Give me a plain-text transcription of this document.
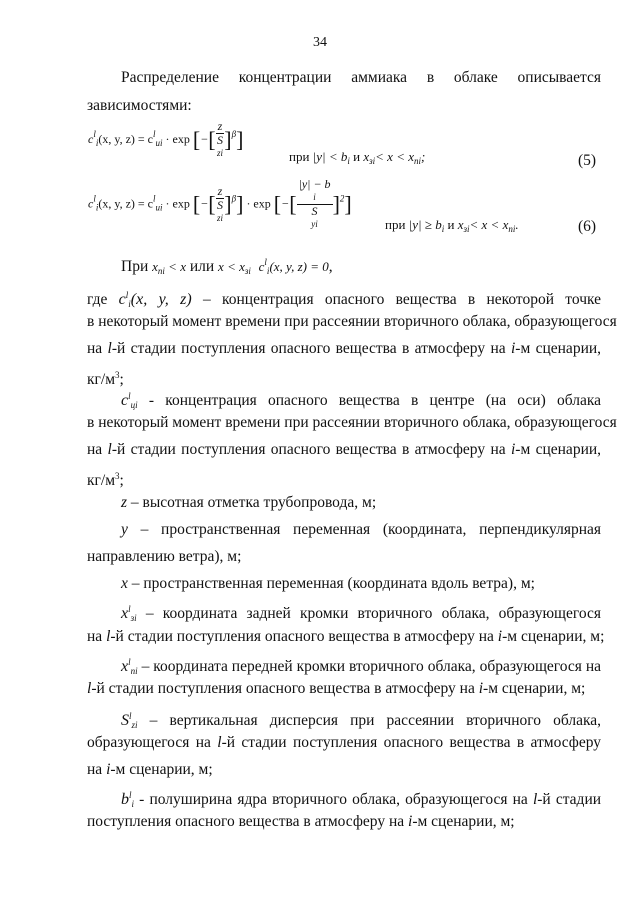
34
Распределение концентрации аммиака в облаке описывается
зависимостями:
$c^l_i(x$, y, $z) = c^l_{ui} \cdot \exp$ [−[ z
S
zi ]$^\beta$]
при $|y| < b_i$ и $x_{зi}< x < x_{пi}$;	(5)
$c^l_i(x$, y, $z) = c^l_{ui} \cdot \exp$ [−[ z
S
zi ]$^\beta$] · exp [−[ |y| − b
i
S
yi ]$^2$]
при $|y| \ge b_i$ и $x_{зi}< x < x_{пi}$.	(6)
При $x_{пi} < x$ или $x < x_{зi}$ $c^l_i(x$, y, z) = 0,
где $c^l_i(x$, y, z) – концентрация опасного вещества в некоторой точке
в некоторый момент времени при рассеянии вторичного облака, образующегося
на l-й стадии поступления опасного вещества в атмосферу на i-м сценарии,
$кг/м^3$;
$c^l_{ці}$ - концентрация опасного вещества в центре (на оси) облака
в некоторый момент времени при рассеянии вторичного облака, образующегося
на l-й стадии поступления опасного вещества в атмосферу на i-м сценарии,
$кг/м^3$;
z – высотная отметка трубопровода, м;
y – пространственная переменная (координата, перпендикулярная
направлению ветра), м;
x – пространственная переменная (координата вдоль ветра), м;
$x^l_{зi}$ – координата задней кромки вторичного облака, образующегося
на l-й стадии поступления опасного вещества в атмосферу на i-м сценарии, м;
$x^l_{пi}$ – координата передней кромки вторичного облака, образующегося на
l-й стадии поступления опасного вещества в атмосферу на i-м сценарии, м;
$S^l_{zi}$ – вертикальная дисперсия при рассеянии вторичного облака,
образующегося на l-й стадии поступления опасного вещества в атмосферу
на i-м сценарии, м;
$b^l_i$ - полуширина ядра вторичного облака, образующегося на l-й стадии
поступления опасного вещества в атмосферу на i-м сценарии, м;
